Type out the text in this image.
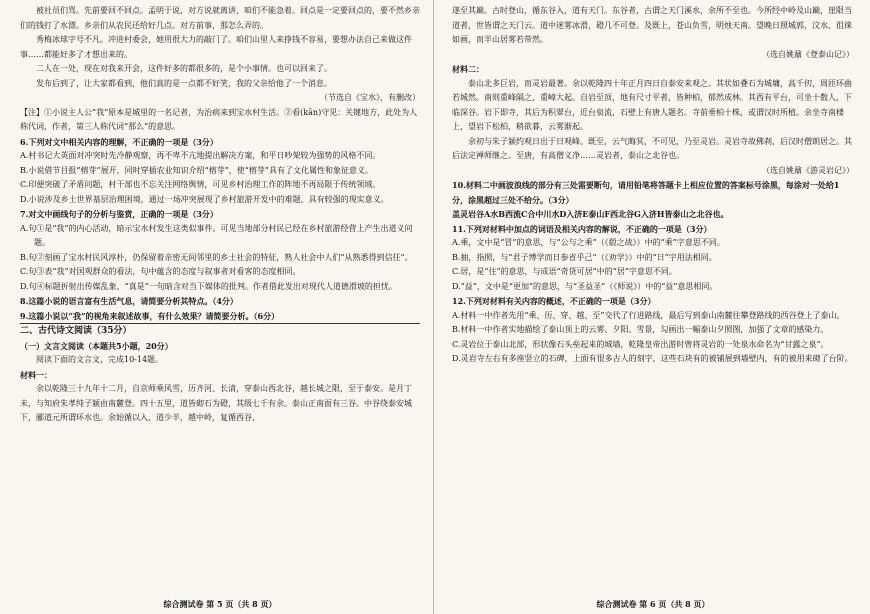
被社员们骂。先前要回不回点。孟明于说，对方说就离讲，咱们不能急着。回点是一定要回点的，要不然乡亲们的钱打了水漂。乡亲们从农民还给好几点。对方前事，那怎么弄的。

秀梅冰球字号不凡。冲进村委会，她用很大力的敲门了。咱们山里人来挣钱不容易，要想办法自己来做这件事……都能好多了才想出来的。

二人在一处，现在对我来开会，这件好多的都很多的，是个小事情。也可以回来了。

发布后到了，让大家都看到，他们真的是一点都不好笑，我的父亲给他了一个消息。

（节选自《宝水》，有删改）

【注】①小说主人公“我”原本是城里的一名记者，为治病来到宝水村生活。②看(kān)守见：关键地方，此处为人称代词，作者，第三人称代词“那么”的意思。

6.下列对文中相关内容的理解，不正确的一项是（3分）

A.村书记大英面对冲突时先冷静观察，再不卑不亢地提出解决方案，和平日吵架较为强势的风格不同。

B.小说借节目报“榕芽”展开，同时穿插农业知识介绍“榕芽”，使“榕芽”具有了文化属性和象征意义。

C.印便突破了矛盾问题，村干部也不忘关注网络舆情，可见乡村治理工作的阵地不再局限于传统领域。

D.小说涉及乡土世界基层治理困境，通过一场冲突展现了乡村旅游开发中的难题，具有较强的现实意义。

7.对文中画线句子的分析与鉴赏，正确的一项是（3分）

A.句①是“我”的内心活动，暗示宝水村发生这类似事件。可见当地部分村民已经在乡村旅游经营上产生出道义问题。

B.句②刻画了宝水村民风淳朴，仍保留着亲密无间邻里的乡土社会的特征，熟人社会中人们“从熟悉得到信任”。

C.句③表“我”对国观群众的看法，句中蕴含的态度与叙事者对看客的态度相同。

D.句④标题折射出传媒乱象，“真是”一句暗含对当下媒体的批判。作者借此发出对现代人道德滑坡的担忧。

8.这篇小说的语言富有生活气息，请简要分析其特点。（4分）

9.这篇小说以“我”的视角来叙述故事，有什么效果？请简要分析。（6分）

二、古代诗文阅读（35分）

（一）文言文阅读（本题共5小题，20分）

阅读下面的文言文，完成10-14题。

材料一：

余以乾隆三十九年十二月，自京师乘风雪，历齐河、长清，穿泰山西北谷，越长城之限，至于泰安。是月丁未，与知府朱孝纯子颍由南麓登。四十五里，道皆砌石为磴，其级七千有余。泰山正南面有三谷。中谷绕泰安城下，郦道元所谓环水也。余始循以入，道少半，越中岭，复循西谷，

综合测试卷 第 5 页（共 8 页）

遂至其巅。古时登山，循东谷入，道有天门。东谷者，古谓之天门溪水，余所不至也。今所经中岭及山巅，崖限当道者，世皆谓之天门云。道中迷雾冰滑，磴几不可登。及既上，苍山负雪，明烛天南。望晚日照城郭，汶水、徂徕如画，而半山居雾若带然。

（选自姚鼐《登泰山记》）

材料二：

泰山北多巨岩，而灵岩最著。余以乾隆四十年正月四日自泰安来观之。其状如叠石为城墉，高千仞，周匝环曲若城然。南则重峰隔之，重嶂大起。自岩至顶，地有尺寸平者，皆种柏，郁然成林。其西有平台，可坐十数人，下临深谷。岩下即寺，其后为积翠台，近台泉流，石壁上有唐人题名。寺前垂柏十株，或谓汉时所植。余坐寺南楼上，望岩下松柏，稍欲暮，云雾渐起。

余初与朱子颍约观日出于日观峰。既至，云气晦冥，不可见，乃至灵岩。灵岩寺故佛刹，后汉时僧朗居之。其后法定禅师继之。至唐，有高僧义净……灵岩者，泰山之北谷也。

（选自姚鼐《游灵岩记》）

10.材料二中画波浪线的部分有三处需要断句，请用铅笔将答题卡上相应位置的答案标号涂黑，每涂对一处给1分，涂黑超过三处不给分。（3分）

盖灵岩谷A水B西流C合中川水D入济E泰山F西北谷G入济H皆泰山之北谷也。

11.下列对材料中加点的词语及相关内容的解说，不正确的一项是（3分）

A.乘，文中是“冒”的意思，与“公与之乘”（《殽之战》）中的“乘”字意思不同。

B.抽，指照，与“君子博学而日参省乎己”（《劝学》）中的“日”字用法相同。

C.居，是“住”的意思，与成语“奇货可居”中的“居”字意思不同。

D.“益”，文中是“更加”的意思，与“圣益圣”（《师说》）中的“益”意思相同。

12.下列对材料有关内容的概述，不正确的一项是（3分）

A.材料一中作者先用“乘、历、穿、越、至”交代了行进路线，最后写到泰山南麓往攀登路线的西谷登上了泰山。

B.材料一中作者实地描绘了泰山顶上的云雾、夕阳、雪景，勾画出一幅泰山夕照图，加强了文章的感染力。

C.灵岩位于泰山北部，形状像石头垒起来的城墙，乾隆皇帝出游时曾将灵岩的一处泉水命名为“甘露之泉”。

D.灵岩寺左右有多座竖立的石碑，上面有很多古人的刻字，这些石块有的被铺展到墙壁内，有的被用来砌了台阶。

综合测试卷 第 6 页（共 8 页）
